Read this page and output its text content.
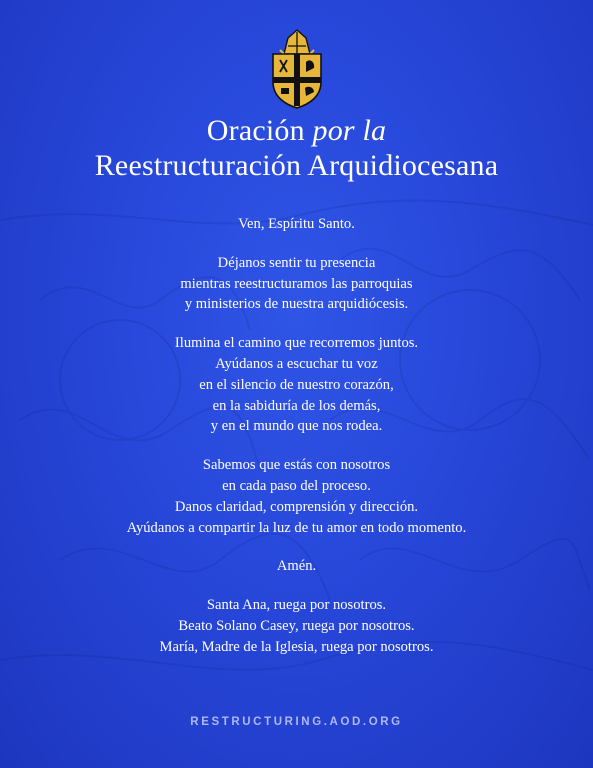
Oración por la
Reestructuración Arquidiocesana

Ven, Espíritu Santo.

Déjanos sentir tu presencia
mientras reestructuramos las parroquias
y ministerios de nuestra arquidiócesis.

Ilumina el camino que recorremos juntos.
Ayúdanos a escuchar tu voz
en el silencio de nuestro corazón,
en la sabiduría de los demás,
y en el mundo que nos rodea.

Sabemos que estás con nosotros
en cada paso del proceso.
Danos claridad, comprensión y dirección.
Ayúdanos a compartir la luz de tu amor en todo momento.

Amén.

Santa Ana, ruega por nosotros.
Beato Solano Casey, ruega por nosotros.
María, Madre de la Iglesia, ruega por nosotros.

RESTRUCTURING.AOD.ORG
